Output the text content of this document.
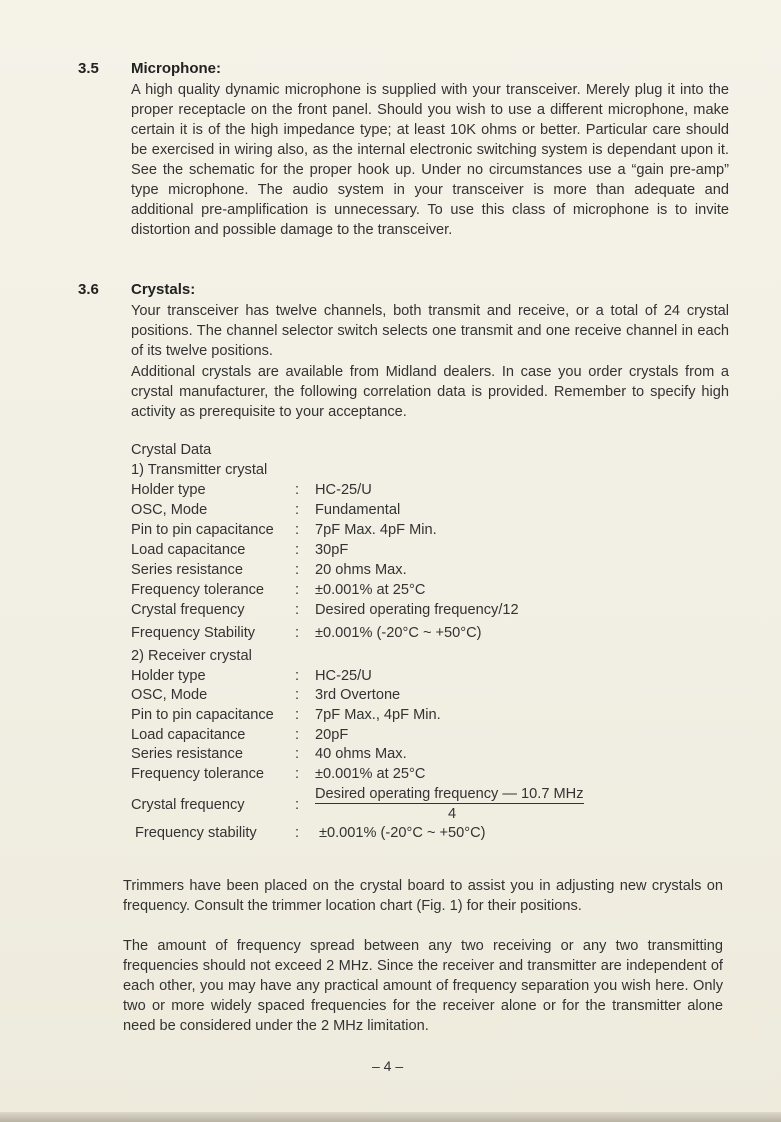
3.5 Microphone:
A high quality dynamic microphone is supplied with your transceiver. Merely plug it into the proper receptacle on the front panel. Should you wish to use a different microphone, make certain it is of the high impedance type; at least 10K ohms or better. Particular care should be exercised in wiring also, as the internal electronic switching system is dependant upon it. See the schematic for the proper hook up. Under no circumstances use a “gain pre-amp” type microphone. The audio system in your transceiver is more than adequate and additional pre-amplification is unnecessary. To use this class of microphone is to invite distortion and possible damage to the transceiver.
3.6 Crystals:
Your transceiver has twelve channels, both transmit and receive, or a total of 24 crystal positions. The channel selector switch selects one transmit and one receive channel in each of its twelve positions.
Additional crystals are available from Midland dealers. In case you order crystals from a crystal manufacturer, the following correlation data is provided. Remember to specify high activity as prerequisite to your acceptance.
Crystal Data
1) Transmitter crystal
Holder type	: HC-25/U
OSC, Mode	: Fundamental
Pin to pin capacitance : 7pF Max. 4pF Min.
Load capacitance	: 30pF
Series resistance	: 20 ohms Max.
Frequency tolerance : ±0.001% at 25°C
Crystal frequency	: Desired operating frequency/12
Frequency Stability	: ±0.001% (-20°C ~ +50°C)
2) Receiver crystal
Holder type	: HC-25/U
OSC, Mode	: 3rd Overtone
Pin to pin capacitance : 7pF Max., 4pF Min.
Load capacitance	: 20pF
Series resistance	: 40 ohms Max.
Frequency tolerance : ±0.001% at 25°C
Crystal frequency	:
Desired operating frequency — 10.7 MHz
4
Frequency stability	: ±0.001% (-20°C ~ +50°C)
Trimmers have been placed on the crystal board to assist you in adjusting new crystals on frequency. Consult the trimmer location chart (Fig. 1) for their positions.
The amount of frequency spread between any two receiving or any two transmitting frequencies should not exceed 2 MHz. Since the receiver and transmitter are independent of each other, you may have any practical amount of frequency separation you wish here. Only two or more widely spaced frequencies for the receiver alone or for the transmitter alone need be considered under the 2 MHz limitation.
– 4 –
